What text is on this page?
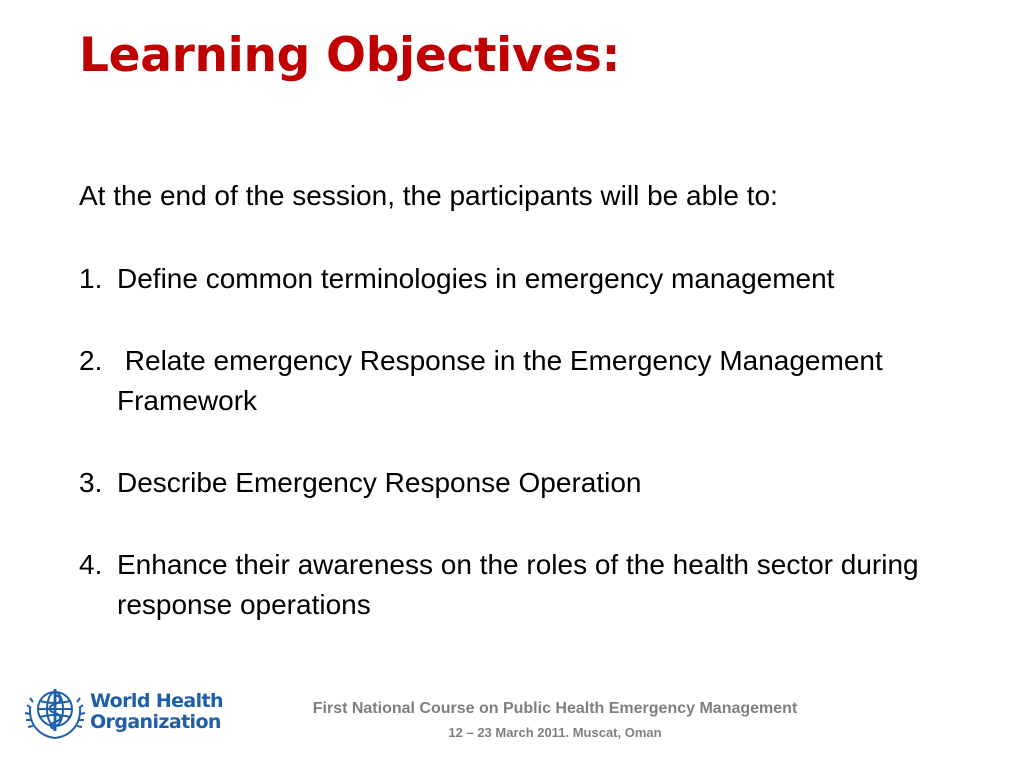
Learning Objectives:

At the end of the session, the participants will be able to:

1. Define common terminologies in emergency management
2. Relate emergency Response in the Emergency Management Framework
3. Describe Emergency Response Operation
4. Enhance their awareness on the roles of the health sector during response operations
World Health
Organization
First National Course on Public Health Emergency Management
12 – 23 March 2011. Muscat, Oman
